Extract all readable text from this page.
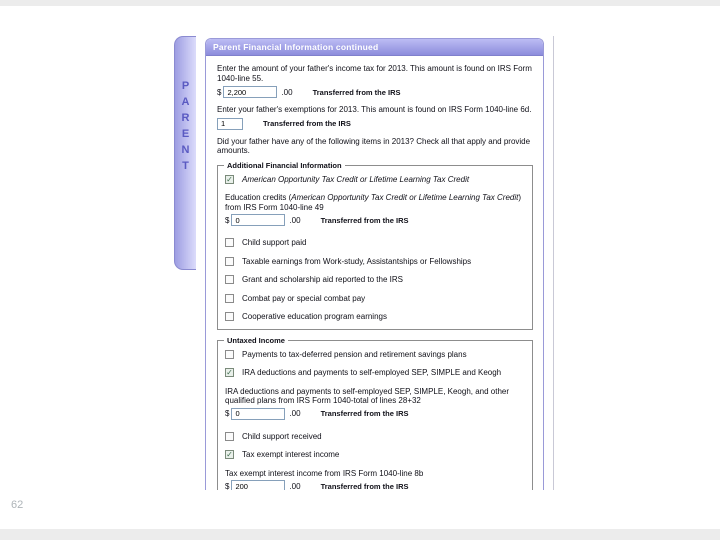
P
A
R
E
N
T
Parent Financial Information continued
Enter the amount of your father's income tax for 2013. This amount is found on IRS Form 1040-line 55.
$
2,200	.00	Transferred from the IRS
Enter your father's exemptions for 2013. This amount is found on IRS Form 1040-line 6d.
1
Transferred from the IRS
Did your father have any of the following items in 2013? Check all that apply and provide amounts.
Additional Financial Information
✓ American Opportunity Tax Credit or Lifetime Learning Tax Credit
Education credits (American Opportunity Tax Credit or Lifetime Learning Tax Credit) from IRS Form 1040-line 49
$
0	.00	Transferred from the IRS
Child support paid
Taxable earnings from Work-study, Assistantships or Fellowships
Grant and scholarship aid reported to the IRS
Combat pay or special combat pay
Cooperative education program earnings
Untaxed Income
Payments to tax-deferred pension and retirement savings plans
✓ IRA deductions and payments to self-employed SEP, SIMPLE and Keogh
IRA deductions and payments to self-employed SEP, SIMPLE, Keogh, and other qualified plans from IRS Form 1040-total of lines 28+32
$
0	.00	Transferred from the IRS
Child support received
✓ Tax exempt interest income
Tax exempt interest income from IRS Form 1040-line 8b
$
200	.00	Transferred from the IRS
62
